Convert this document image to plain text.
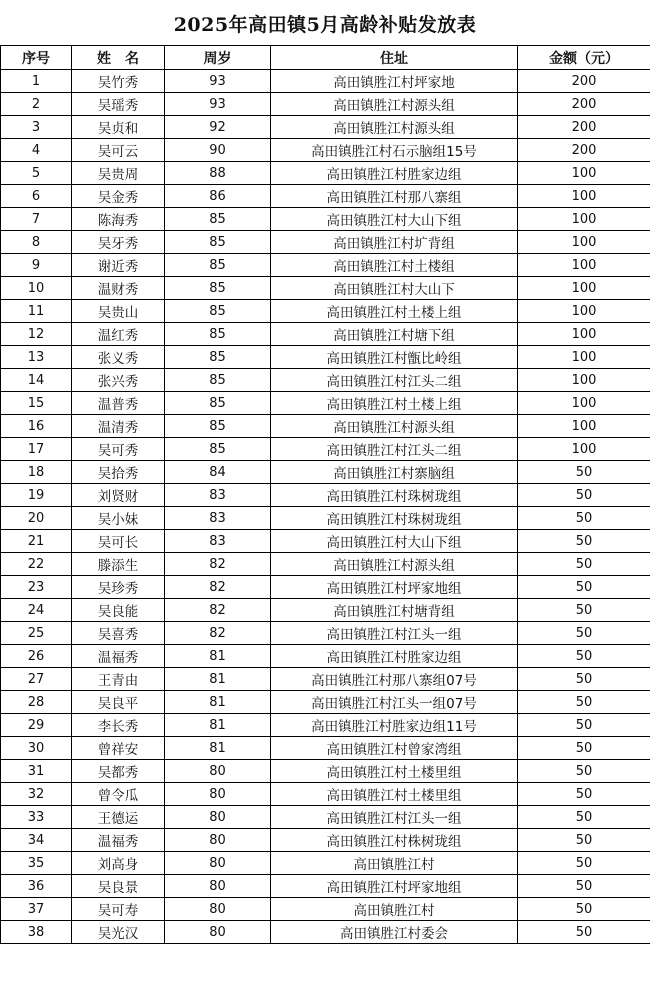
2025年高田镇5月高龄补贴发放表
序号	姓　名	周岁	住址	金额（元）
1	吴竹秀	93	高田镇胜江村坪家地	200
2	吴瑶秀	93	高田镇胜江村源头组	200
3	吴贞和	92	高田镇胜江村源头组	200
4	吴可云	90	高田镇胜江村石示脑组15号	200
5	吴贵周	88	高田镇胜江村胜家边组	100
6	吴金秀	86	高田镇胜江村那八寨组	100
7	陈海秀	85	高田镇胜江村大山下组	100
8	吴牙秀	85	高田镇胜江村圹背组	100
9	谢近秀	85	高田镇胜江村土楼组	100
10	温财秀	85	高田镇胜江村大山下	100
11	吴贵山	85	高田镇胜江村土楼上组	100
12	温红秀	85	高田镇胜江村塘下组	100
13	张义秀	85	高田镇胜江村甑比岭组	100
14	张兴秀	85	高田镇胜江村江头二组	100
15	温普秀	85	高田镇胜江村土楼上组	100
16	温清秀	85	高田镇胜江村源头组	100
17	吴可秀	85	高田镇胜江村江头二组	100
18	吴拾秀	84	高田镇胜江村寨脑组	50
19	刘贤财	83	高田镇胜江村珠树珑组	50
20	吴小妹	83	高田镇胜江村珠树珑组	50
21	吴可长	83	高田镇胜江村大山下组	50
22	滕添生	82	高田镇胜江村源头组	50
23	吴珍秀	82	高田镇胜江村坪家地组	50
24	吴良能	82	高田镇胜江村塘背组	50
25	吴喜秀	82	高田镇胜江村江头一组	50
26	温福秀	81	高田镇胜江村胜家边组	50
27	王青由	81	高田镇胜江村那八寨组07号	50
28	吴良平	81	高田镇胜江村江头一组07号	50
29	李长秀	81	高田镇胜江村胜家边组11号	50
30	曾祥安	81	高田镇胜江村曾家湾组	50
31	吴都秀	80	高田镇胜江村土楼里组	50
32	曾令瓜	80	高田镇胜江村土楼里组	50
33	王德运	80	高田镇胜江村江头一组	50
34	温福秀	80	高田镇胜江村株树珑组	50
35	刘高身	80	高田镇胜江村	50
36	吴良景	80	高田镇胜江村坪家地组	50
37	吴可寿	80	高田镇胜江村	50
38	吴光汉	80	高田镇胜江村委会	50
